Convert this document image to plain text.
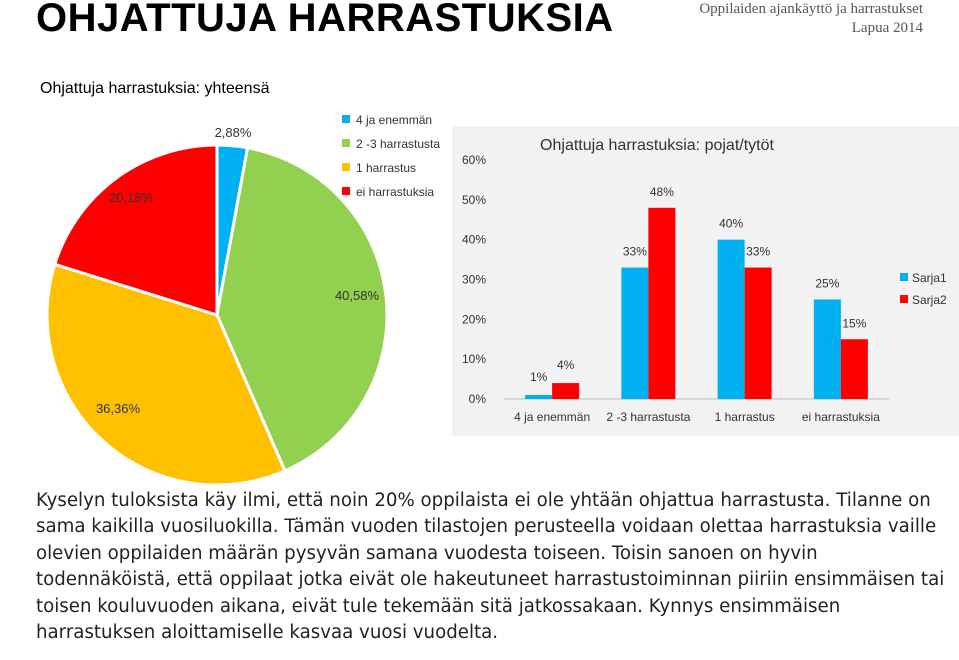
OHJATTUJA HARRASTUKSIA	Oppilaiden ajankäyttö ja harrastukset
Lapua 2014
Ohjattuja harrastuksia: yhteensä
2,88%
40,58%
36,36%
20,18%
4 ja enemmän
2 -3 harrastusta
1 harrastus
ei harrastuksia
Ohjattuja harrastuksia: pojat/tytöt
0%
10%
20%
30%
40%
50%
60%
4 ja enemmän
1%
4%
2 -3 harrastusta
33%
48%
1 harrastus
40%
33%
ei harrastuksia
25%
15%
Sarja1
Sarja2

Kyselyn tuloksista käy ilmi, että noin 20% oppilaista ei ole yhtään ohjattua harrastusta. Tilanne on sama kaikilla vuosiluokilla. Tämän vuoden tilastojen perusteella voidaan olettaa harrastuksia vaille olevien oppilaiden määrän pysyvän samana vuodesta toiseen. Toisin sanoen on hyvin todennäköistä, että oppilaat jotka eivät ole hakeutuneet harrastustoiminnan piiriin ensimmäisen tai toisen kouluvuoden aikana, eivät tule tekemään sitä jatkossakaan. Kynnys ensimmäisen harrastuksen aloittamiselle kasvaa vuosi vuodelta.
